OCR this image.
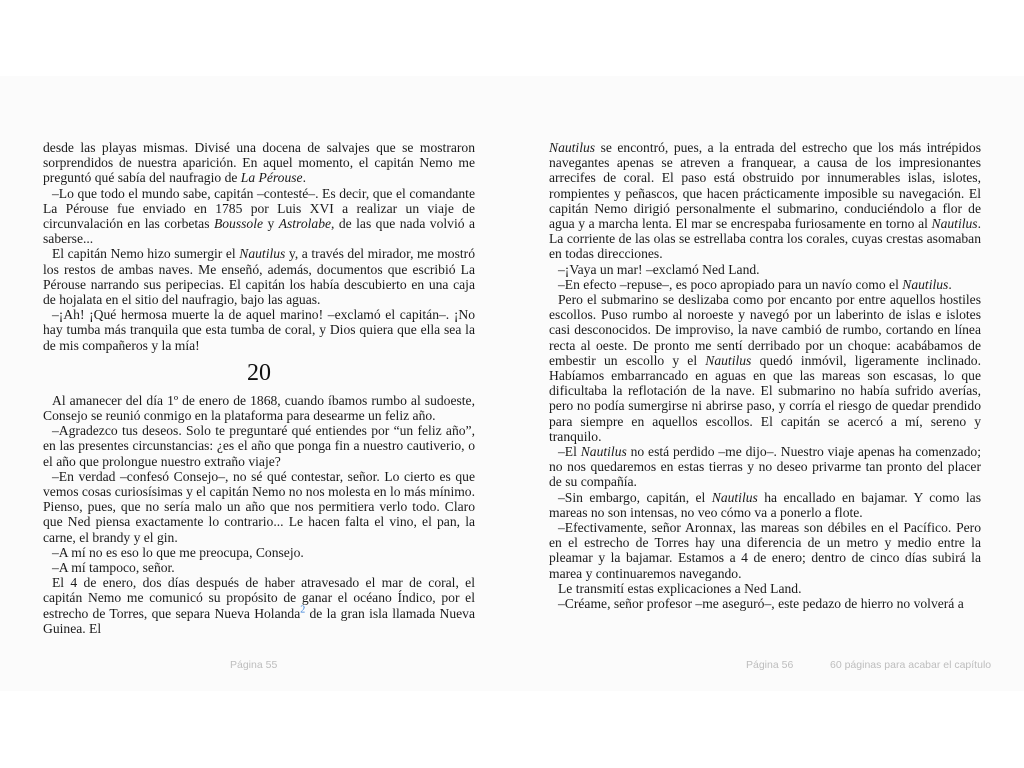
desde las playas mismas. Divisé una docena de salvajes que se mostraron sorprendidos de nuestra aparición. En aquel momento, el capitán Nemo me preguntó qué sabía del naufragio de La Pérouse.

–Lo que todo el mundo sabe, capitán –contesté–. Es decir, que el comandante La Pérouse fue enviado en 1785 por Luis XVI a realizar un viaje de circunvalación en las corbetas Boussole y Astrolabe, de las que nada volvió a saberse...

El capitán Nemo hizo sumergir el Nautilus y, a través del mirador, me mostró los restos de ambas naves. Me enseñó, además, documentos que escribió La Pérouse narrando sus peripecias. El capitán los había descubierto en una caja de hojalata en el sitio del naufragio, bajo las aguas.

–¡Ah! ¡Qué hermosa muerte la de aquel marino! –exclamó el capitán–. ¡No hay tumba más tranquila que esta tumba de coral, y Dios quiera que ella sea la de mis compañeros y la mía!

20

Al amanecer del día 1º de enero de 1868, cuando íbamos rumbo al sudoeste, Consejo se reunió conmigo en la plataforma para desearme un feliz año.

–Agradezco tus deseos. Solo te preguntaré qué entiendes por “un feliz año”, en las presentes circunstancias: ¿es el año que ponga fin a nuestro cautiverio, o el año que prolongue nuestro extraño viaje?

–En verdad –confesó Consejo–, no sé qué contestar, señor. Lo cierto es que vemos cosas curiosísimas y el capitán Nemo no nos molesta en lo más mínimo. Pienso, pues, que no sería malo un año que nos permitiera verlo todo. Claro que Ned piensa exactamente lo contrario... Le hacen falta el vino, el pan, la carne, el brandy y el gin.

–A mí no es eso lo que me preocupa, Consejo.

–A mí tampoco, señor.

El 4 de enero, dos días después de haber atravesado el mar de coral, el capitán Nemo me comunicó su propósito de ganar el océano Índico, por el estrecho de Torres, que separa Nueva Holanda$^2$ de la gran isla llamada Nueva Guinea. El

Nautilus se encontró, pues, a la entrada del estrecho que los más intrépidos navegantes apenas se atreven a franquear, a causa de los impresionantes arrecifes de coral. El paso está obstruido por innumerables islas, islotes, rompientes y peñascos, que hacen prácticamente imposible su navegación. El capitán Nemo dirigió personalmente el submarino, conduciéndolo a flor de agua y a marcha lenta. El mar se encrespaba furiosamente en torno al Nautilus. La corriente de las olas se estrellaba contra los corales, cuyas crestas asomaban en todas direcciones.

–¡Vaya un mar! –exclamó Ned Land.

–En efecto –repuse–, es poco apropiado para un navío como el Nautilus.

Pero el submarino se deslizaba como por encanto por entre aquellos hostiles escollos. Puso rumbo al noroeste y navegó por un laberinto de islas e islotes casi desconocidos. De improviso, la nave cambió de rumbo, cortando en línea recta al oeste. De pronto me sentí derribado por un choque: acabábamos de embestir un escollo y el Nautilus quedó inmóvil, ligeramente inclinado. Habíamos embarrancado en aguas en que las mareas son escasas, lo que dificultaba la reflotación de la nave. El submarino no había sufrido averías, pero no podía sumergirse ni abrirse paso, y corría el riesgo de quedar prendido para siempre en aquellos escollos. El capitán se acercó a mí, sereno y tranquilo.

–El Nautilus no está perdido –me dijo–. Nuestro viaje apenas ha comenzado; no nos quedaremos en estas tierras y no deseo privarme tan pronto del placer de su compañía.

–Sin embargo, capitán, el Nautilus ha encallado en bajamar. Y como las mareas no son intensas, no veo cómo va a ponerlo a flote.

–Efectivamente, señor Aronnax, las mareas son débiles en el Pacífico. Pero en el estrecho de Torres hay una diferencia de un metro y medio entre la pleamar y la bajamar. Estamos a 4 de enero; dentro de cinco días subirá la marea y continuaremos navegando.

Le transmití estas explicaciones a Ned Land.

–Créame, señor profesor –me aseguró–, este pedazo de hierro no volverá a

Página 55	Página 56	60 páginas para acabar el capítulo
